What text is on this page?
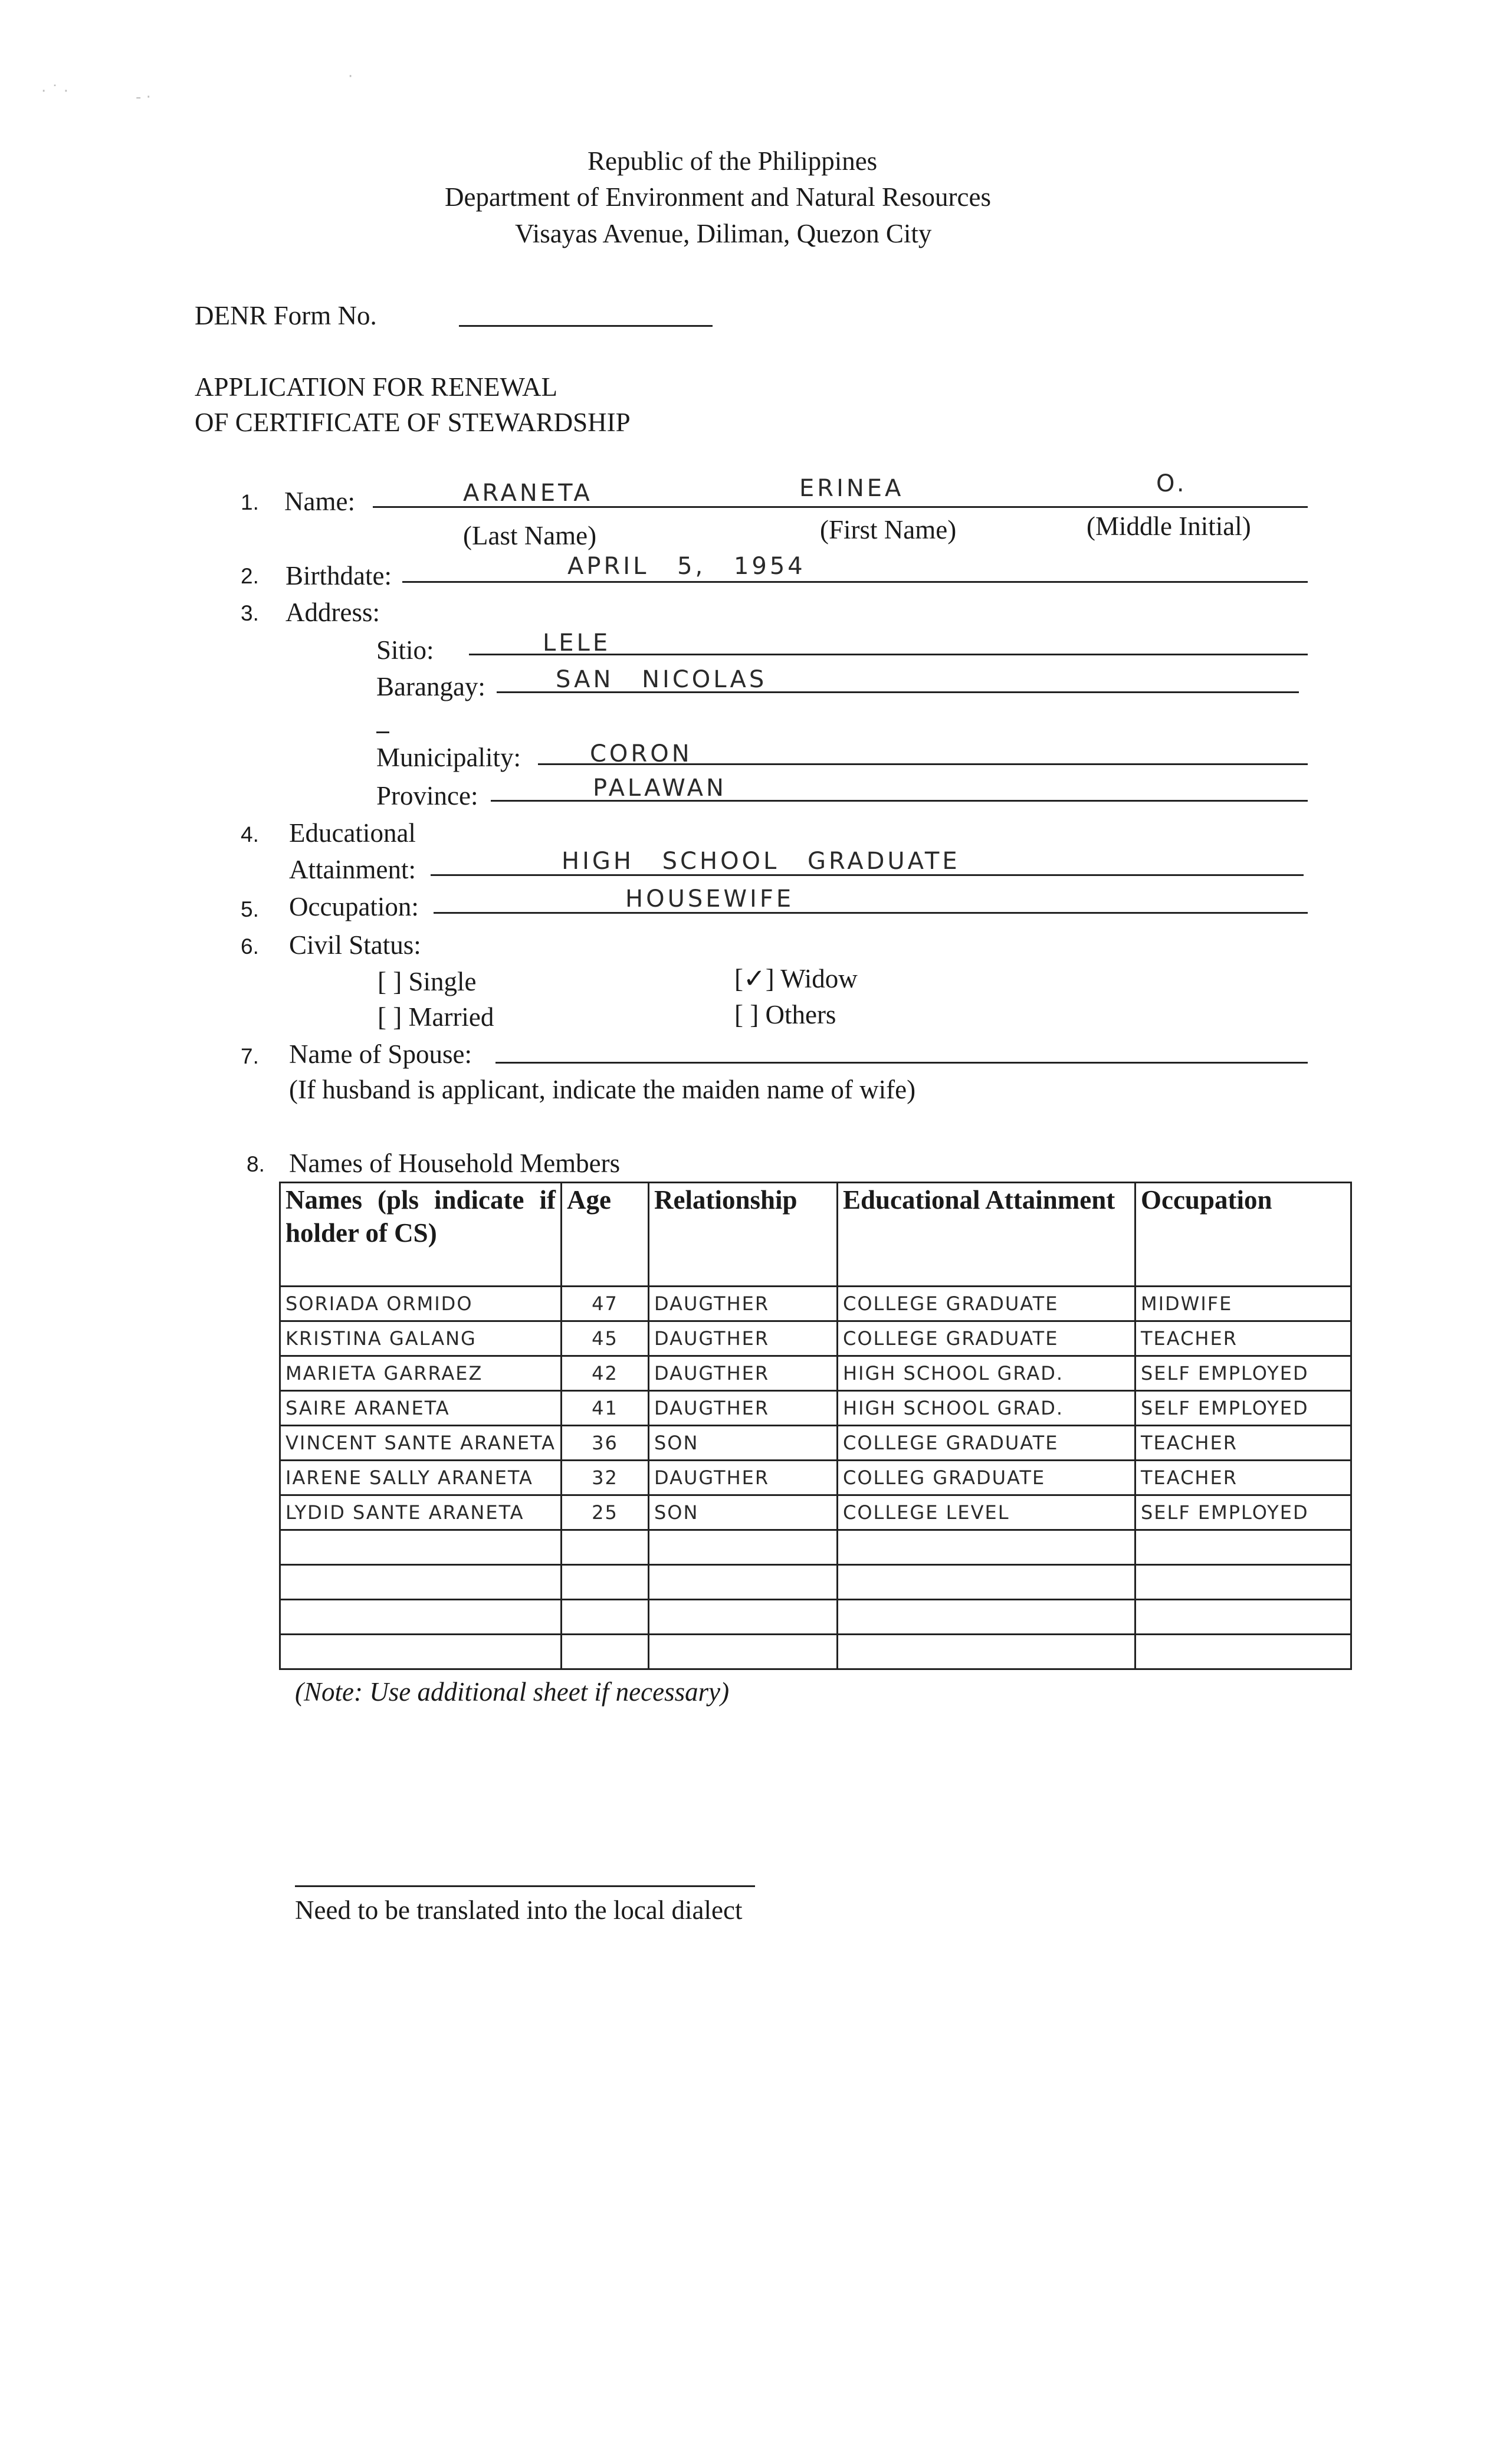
· ˙ ·	- ·
·
Republic of the Philippines
Department of Environment and Natural Resources
Visayas Avenue, Diliman, Quezon City
DENR Form No.
APPLICATION FOR RENEWAL
OF CERTIFICATE OF STEWARDSHIP
1. Name:	ARANETA	ERINEA	O.
(Last Name)	(First Name)	(Middle Initial)
2. Birthdate:	APRIL 5, 1954
3. Address:
Sitio:	LELE
Barangay:	SAN NICOLAS
Municipality:	CORON
Province:	PALAWAN
4. Educational
Attainment:	HIGH SCHOOL GRADUATE
5. Occupation:	HOUSEWIFE
6. Civil Status:
[ ] Single
[ ] Married
[✓] Widow
[ ] Others
7. Name of Spouse:
(If husband is applicant, indicate the maiden name of wife)
8. Names of Household Members
Names (pls indicate if holder of CS)	Age	Relationship	Educational Attainment	Occupation
SORIADA ORMIDO	47	DAUGTHER	COLLEGE GRADUATE	MIDWIFE
KRISTINA GALANG	45	DAUGTHER	COLLEGE GRADUATE	TEACHER
MARIETA GARRAEZ	42	DAUGTHER	HIGH SCHOOL GRAD.	SELF EMPLOYED
SAIRE ARANETA	41	DAUGTHER	HIGH SCHOOL GRAD.	SELF EMPLOYED
VINCENT SANTE ARANETA	36	SON	COLLEGE GRADUATE	TEACHER
IARENE SALLY ARANETA	32	DAUGTHER	COLLEG GRADUATE	TEACHER
LYDID SANTE ARANETA	25	SON	COLLEGE LEVEL	SELF EMPLOYED

(Note: Use additional sheet if necessary)
Need to be translated into the local dialect
